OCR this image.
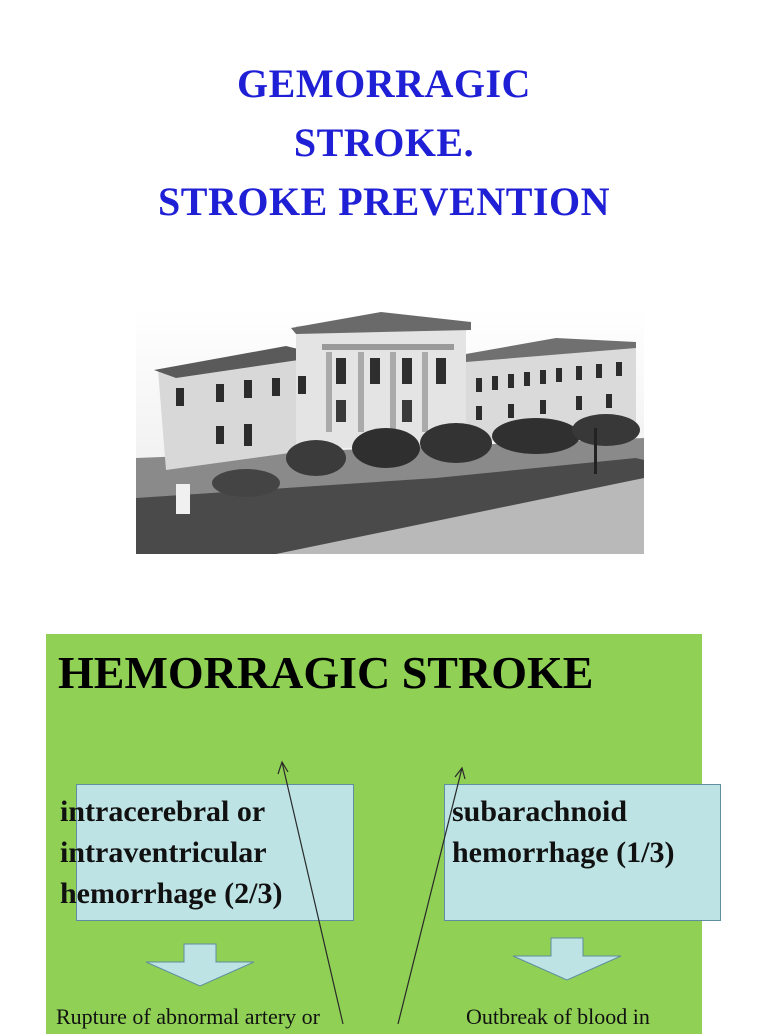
GEMORRAGIC
STROKE.
STROKE PREVENTION
HEMORRAGIC STROKE
intracerebral or
intraventricular
hemorrhage (2/3)
subarachnoid
hemorrhage (1/3)
Rupture of abnormal artery or	Outbreak of blood in
